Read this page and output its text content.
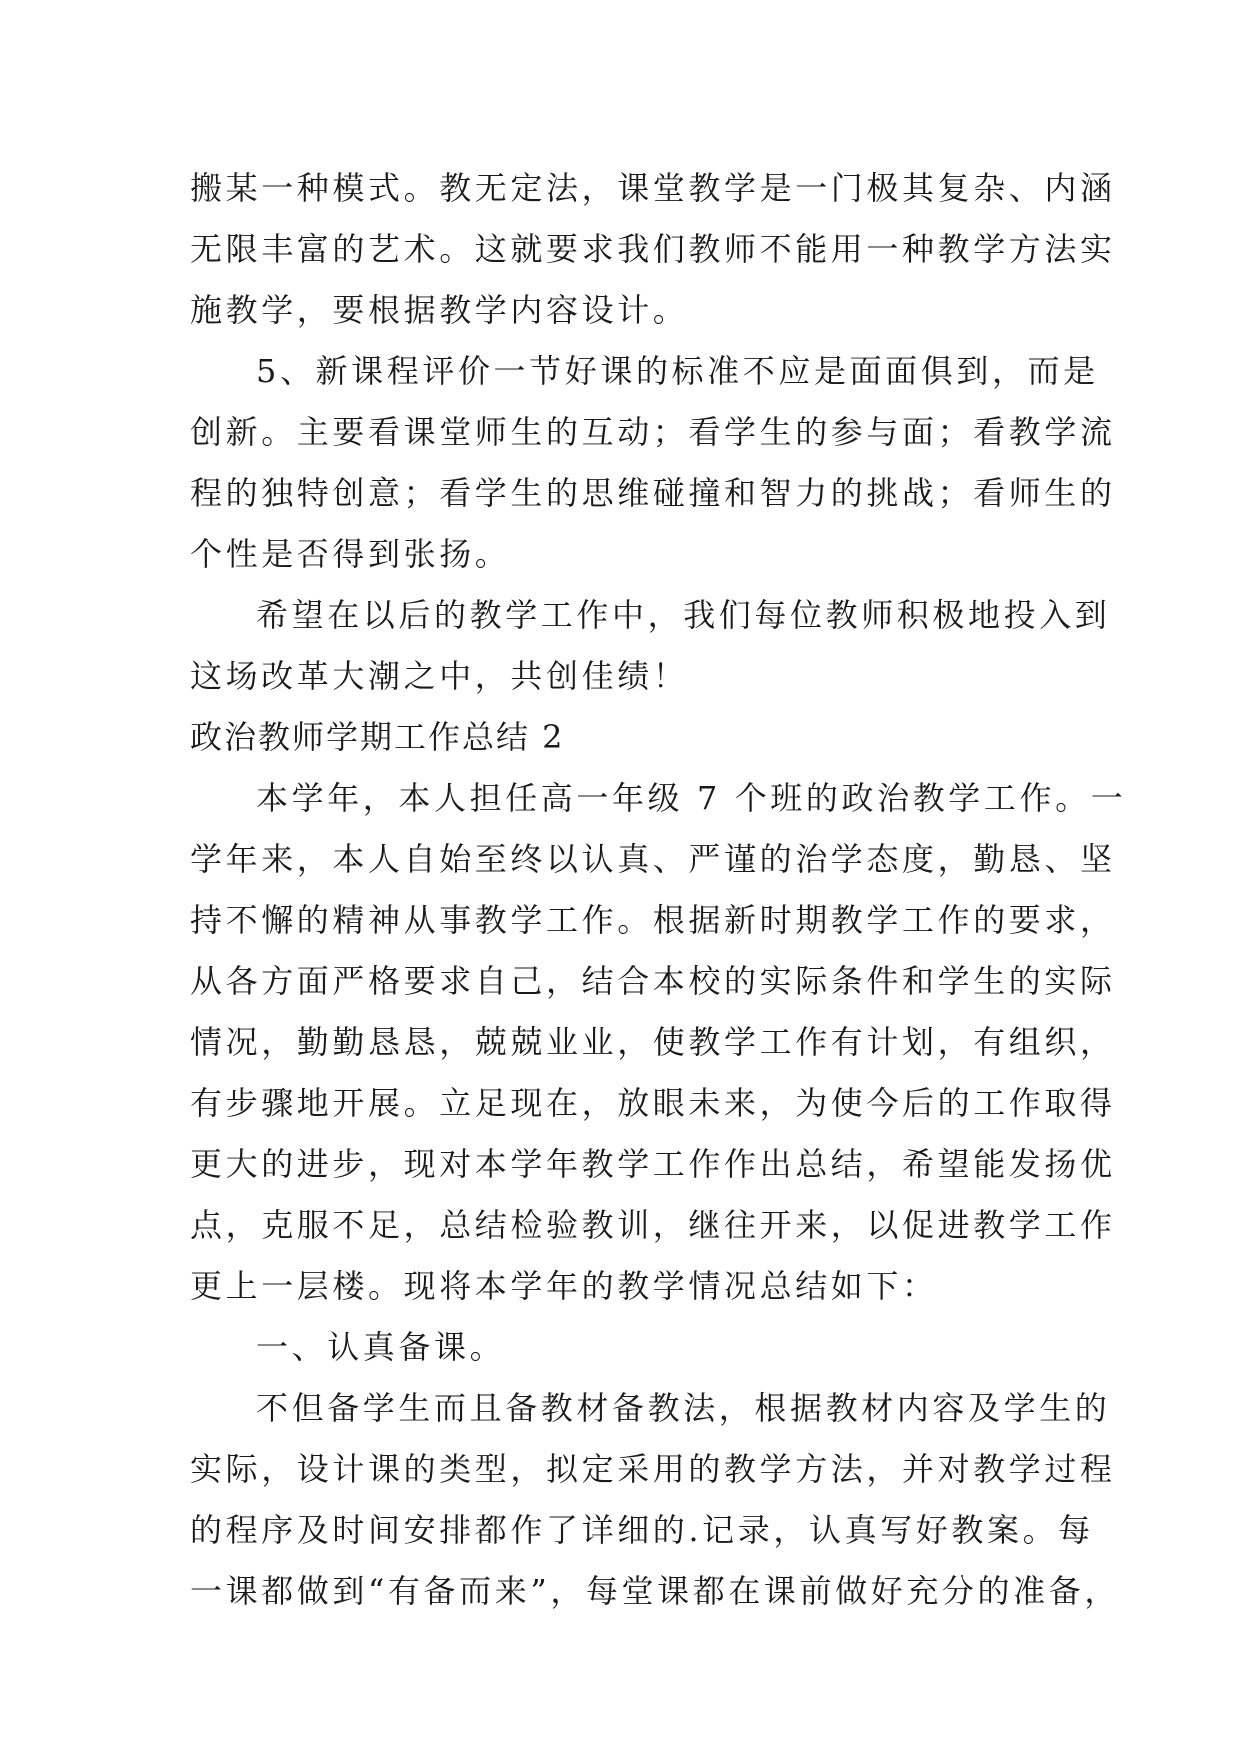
搬某一种模式。教无定法，课堂教学是一门极其复杂、内涵
无限丰富的艺术。这就要求我们教师不能用一种教学方法实
施教学，要根据教学内容设计。
5、新课程评价一节好课的标准不应是面面俱到，而是
创新。主要看课堂师生的互动；看学生的参与面；看教学流
程的独特创意；看学生的思维碰撞和智力的挑战；看师生的
个性是否得到张扬。
希望在以后的教学工作中，我们每位教师积极地投入到
这场改革大潮之中，共创佳绩！
政治教师学期工作总结 2
本学年，本人担任高一年级 7 个班的政治教学工作。一
学年来，本人自始至终以认真、严谨的治学态度，勤恳、坚
持不懈的精神从事教学工作。根据新时期教学工作的要求，
从各方面严格要求自己，结合本校的实际条件和学生的实际
情况，勤勤恳恳，兢兢业业，使教学工作有计划，有组织，
有步骤地开展。立足现在，放眼未来，为使今后的工作取得
更大的进步，现对本学年教学工作作出总结，希望能发扬优
点，克服不足，总结检验教训，继往开来，以促进教学工作
更上一层楼。现将本学年的教学情况总结如下：
一、认真备课。
不但备学生而且备教材备教法，根据教材内容及学生的
实际，设计课的类型，拟定采用的教学方法，并对教学过程
的程序及时间安排都作了详细的.记录，认真写好教案。每
一课都做到“有备而来”，每堂课都在课前做好充分的准备，
